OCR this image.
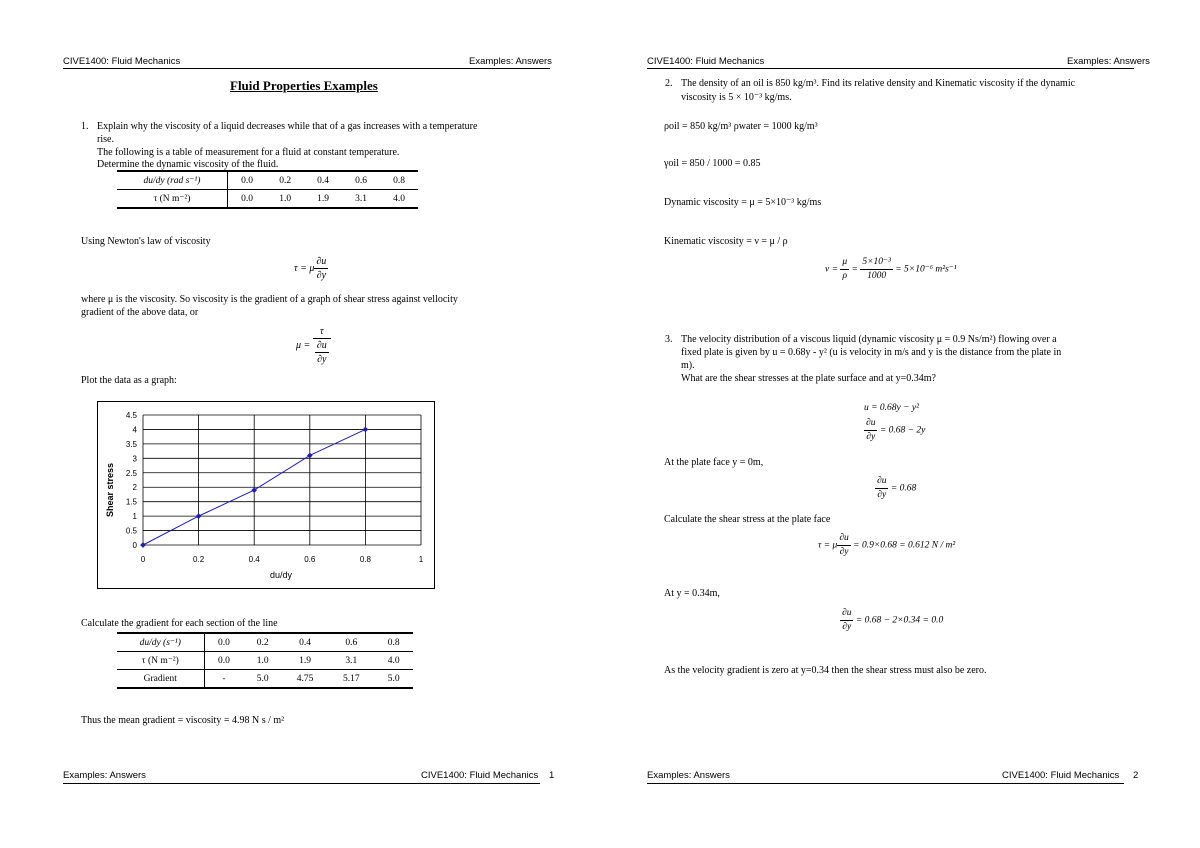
CIVE1400: Fluid Mechanics	Examples: Answers
Fluid Properties Examples
1. Explain why the viscosity of a liquid decreases while that of a gas increases with a temperature
rise.
The following is a table of measurement for a fluid at constant temperature.
Determine the dynamic viscosity of the fluid.
du/dy (rad s⁻¹)	0.0	0.2	0.4	0.6	0.8
τ (N m⁻²)	0.0	1.0	1.9	3.1	4.0
Using Newton's law of viscosity
τ = μ $\frac{\partial u}{\partial y}$
where μ is the viscosity. So viscosity is the gradient of a graph of shear stress against vellocity
gradient of the above data, or
$\mu = \frac{\tau}{\frac{\partial u}{\partial y}}$
Plot the data as a graph:
0
0.5
1
1.5
2
2.5
3
3.5
4
4.5
0	0.2	0.4	0.6	0.8	1
Shear stress
du/dy
Calculate the gradient for each section of the line
du/dy (s⁻¹)	0.0	0.2	0.4	0.6	0.8
τ (N m⁻²)	0.0	1.0	1.9	3.1	4.0
Gradient	-	5.0	4.75	5.17	5.0
Thus the mean gradient = viscosity = 4.98 N s / m²
Examples: Answers	CIVE1400: Fluid Mechanics 1
CIVE1400: Fluid Mechanics	Examples: Answers
2. The density of an oil is 850 kg/m³. Find its relative density and Kinematic viscosity if the dynamic
viscosity is 5 × 10⁻³ kg/ms.
ρoil = 850 kg/m³ ρwater = 1000 kg/m³
γoil = 850 / 1000 = 0.85
Dynamic viscosity = μ = 5×10⁻³ kg/ms
Kinematic viscosity = ν = μ / ρ
$\nu = \frac{\mu}{\rho} = \frac{\text{5×10⁻³}}{1000} = 5\times 10^{-6}$ m²s⁻¹
3. The velocity distribution of a viscous liquid (dynamic viscosity μ = 0.9 Ns/m²) flowing over a
fixed plate is given by u = 0.68y - y² (u is velocity in m/s and y is the distance from the plate in
m).
What are the shear stresses at the plate surface and at y=0.34m?
u = 0.68y − y²
$\frac{\partial u}{\partial y} = 0.68 - 2y$
At the plate face y = 0m,
$\frac{\partial u}{\partial y} = 0.68$
Calculate the shear stress at the plate face
τ = μ $\frac{\partial u}{\partial y} = 0.9\times 0.68 = 0.612$ N / m²
At y = 0.34m,
$\frac{\partial u}{\partial y} = 0.68 - 2\times 0.34 = 0.0$
As the velocity gradient is zero at y=0.34 then the shear stress must also be zero.
Examples: Answers	CIVE1400: Fluid Mechanics 2
